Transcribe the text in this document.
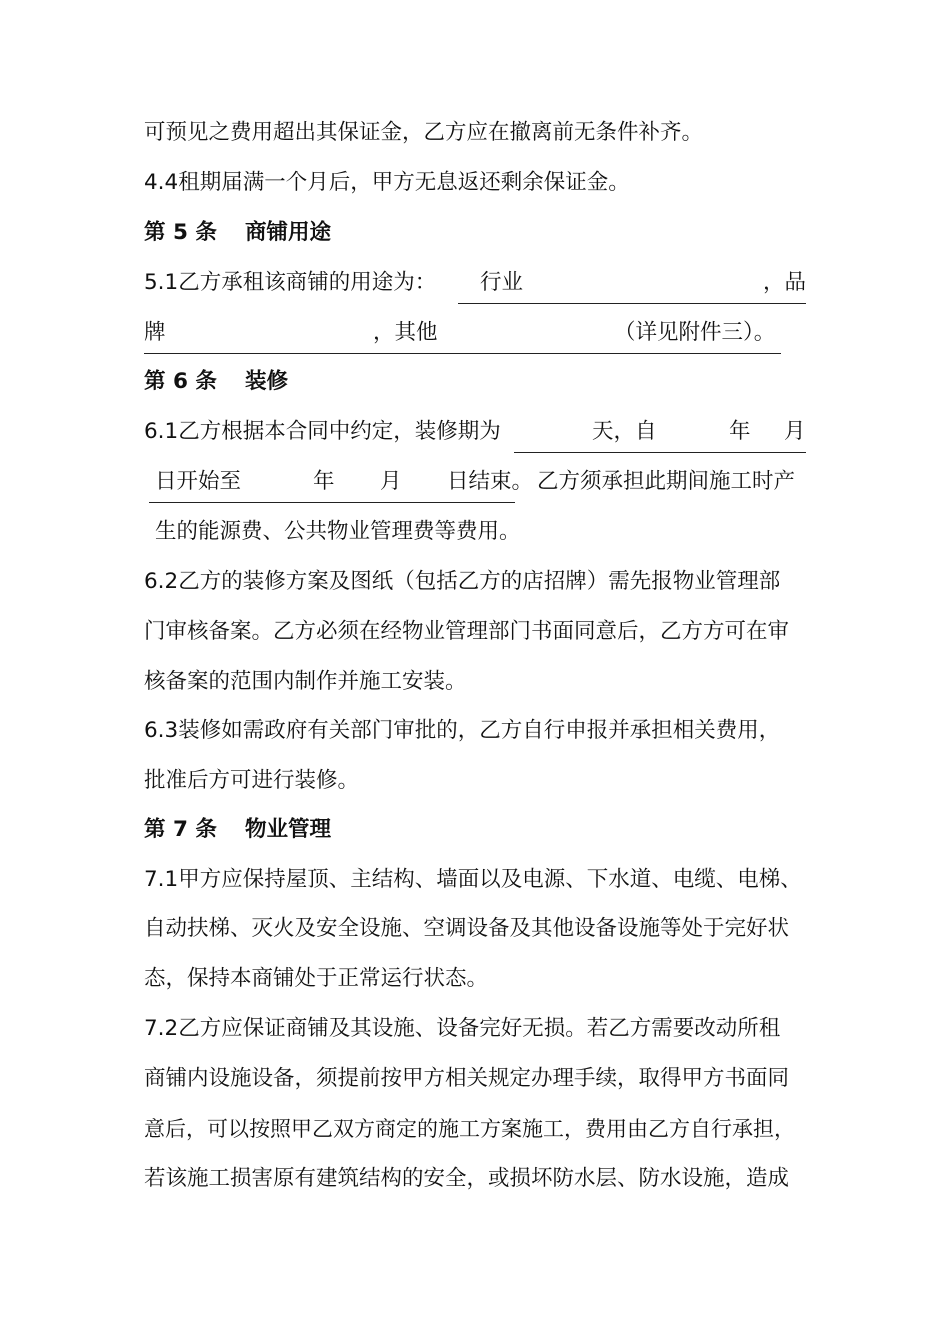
可预见之费用超出其保证金，乙方应在撤离前无条件补齐。
4.4租期届满一个月后，甲方无息返还剩余保证金。
第 5 条 商铺用途
5.1乙方承租该商铺的用途为： 行业	，品
牌	，其他	（详见附件三）。
第 6 条 装修
6.1乙方根据本合同中约定，装修期为	天，自	年 月
日开始至	年 月 日结束。 乙方须承担此期间施工时产
生的能源费、公共物业管理费等费用。
6.2乙方的装修方案及图纸（包括乙方的店招牌）需先报物业管理部
门审核备案。乙方必须在经物业管理部门书面同意后，乙方方可在审
核备案的范围内制作并施工安装。
6.3装修如需政府有关部门审批的，乙方自行申报并承担相关费用，
批准后方可进行装修。
第 7 条 物业管理
7.1甲方应保持屋顶、主结构、墙面以及电源、下水道、电缆、电梯、
自动扶梯、灭火及安全设施、空调设备及其他设备设施等处于完好状
态，保持本商铺处于正常运行状态。
7.2乙方应保证商铺及其设施、设备完好无损。若乙方需要改动所租
商铺内设施设备，须提前按甲方相关规定办理手续，取得甲方书面同
意后，可以按照甲乙双方商定的施工方案施工，费用由乙方自行承担，
若该施工损害原有建筑结构的安全，或损坏防水层、防水设施，造成
